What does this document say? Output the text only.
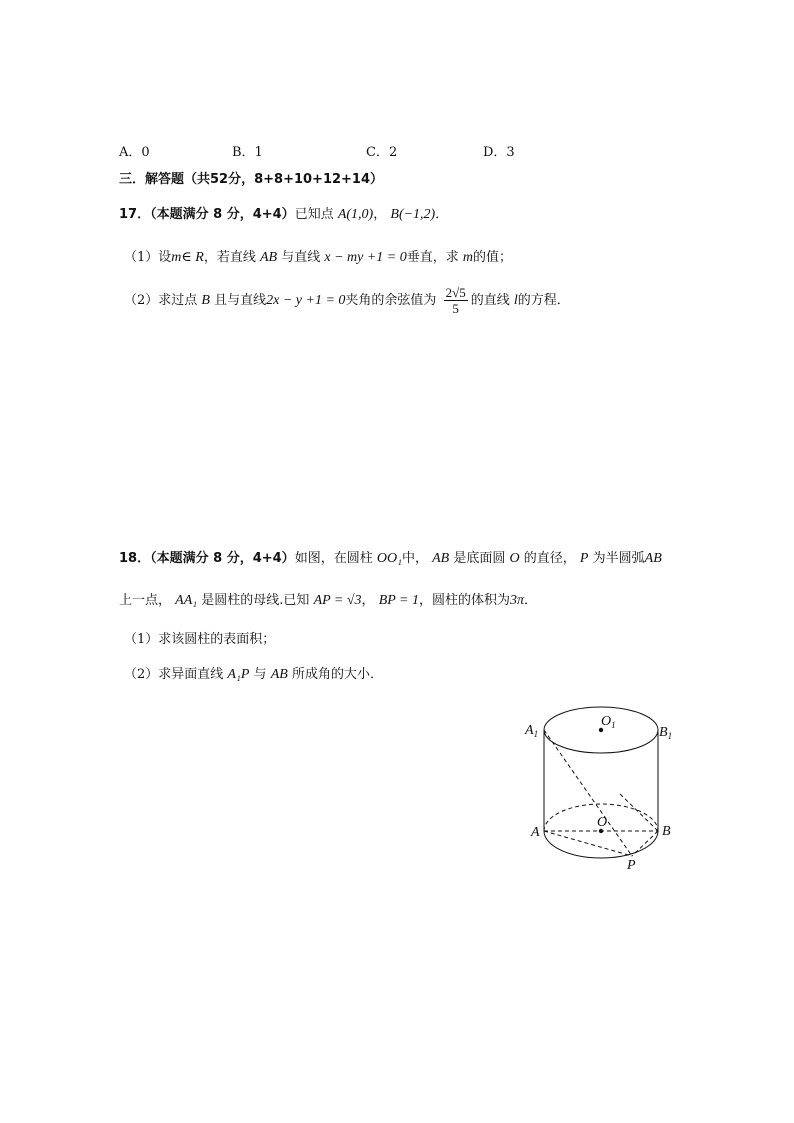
A．0	B．1	C．2	D．3
三．解答题（共52分，8+8+10+12+14）
17．（本题满分 8 分，4+4）已知点 A(1,0)， B(−1,2)．
（1）设m∈ R，若直线 AB 与直线 x − my +1 = 0垂直，求 m的值；
（2）求过点 B 且与直线2x − y +1 = 0夹角的余弦值为 $\frac{2√5}{5}$ 的直线 l的方程．
18．（本题满分 8 分，4+4）如图，在圆柱 OO₁中， AB 是底面圆 O 的直径， P 为半圆弧AB
上一点， AA₁ 是圆柱的母线.已知 AP = √3， BP = 1，圆柱的体积为3π．
（1）求该圆柱的表面积；
（2）求异面直线 A₁P 与 AB 所成角的大小．
$A_1$
$O_1$	$B_1$
A
O
B
P
